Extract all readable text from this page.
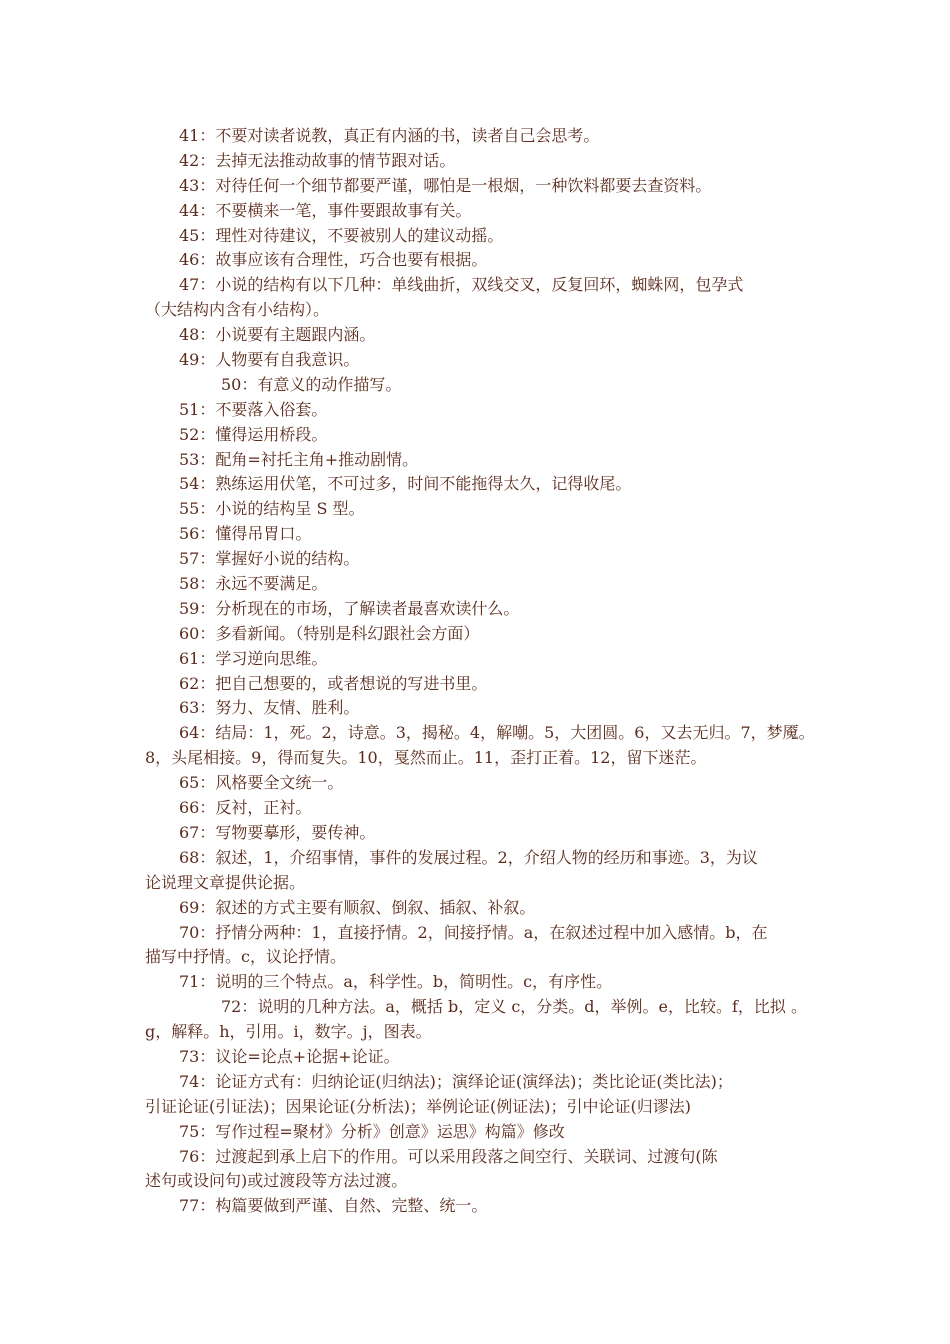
41：不要对读者说教，真正有内涵的书，读者自己会思考。
42：去掉无法推动故事的情节跟对话。
43：对待任何一个细节都要严谨，哪怕是一根烟，一种饮料都要去查资料。
44：不要横来一笔，事件要跟故事有关。
45：理性对待建议，不要被别人的建议动摇。
46：故事应该有合理性，巧合也要有根据。
47：小说的结构有以下几种：单线曲折，双线交叉，反复回环，蜘蛛网，包孕式
（大结构内含有小结构）。
48：小说要有主题跟内涵。
49：人物要有自我意识。
50：有意义的动作描写。
51：不要落入俗套。
52：懂得运用桥段。
53：配角=衬托主角+推动剧情。
54：熟练运用伏笔，不可过多，时间不能拖得太久，记得收尾。
55：小说的结构呈 S 型。
56：懂得吊胃口。
57：掌握好小说的结构。
58：永远不要满足。
59：分析现在的市场，了解读者最喜欢读什么。
60：多看新闻。（特别是科幻跟社会方面）
61：学习逆向思维。
62：把自己想要的，或者想说的写进书里。
63：努力、友情、胜利。
64：结局：1，死。2，诗意。3，揭秘。4，解嘲。5，大团圆。6，又去无归。7，梦魇。
8，头尾相接。9，得而复失。10，戛然而止。11，歪打正着。12，留下迷茫。
65：风格要全文统一。
66：反衬，正衬。
67：写物要摹形，要传神。
68：叙述，1，介绍事情，事件的发展过程。2，介绍人物的经历和事迹。3，为议
论说理文章提供论据。
69：叙述的方式主要有顺叙、倒叙、插叙、补叙。
70：抒情分两种：1，直接抒情。2，间接抒情。a，在叙述过程中加入感情。b，在
描写中抒情。c，议论抒情。
71：说明的三个特点。a，科学性。b，简明性。c，有序性。
72：说明的几种方法。a，概括 b，定义 c，分类。d，举例。e，比较。f，比拟 。
g，解释。h，引用。i，数字。j，图表。
73：议论=论点+论据+论证。
74：论证方式有：归纳论证(归纳法)；演绎论证(演绎法)；类比论证(类比法)；
引证论证(引证法)；因果论证(分析法)；举例论证(例证法)；引中论证(归谬法)
75：写作过程=聚材》分析》创意》运思》构篇》修改
76：过渡起到承上启下的作用。可以采用段落之间空行、关联词、过渡句(陈
述句或设问句)或过渡段等方法过渡。
77：构篇要做到严谨、自然、完整、统一。
